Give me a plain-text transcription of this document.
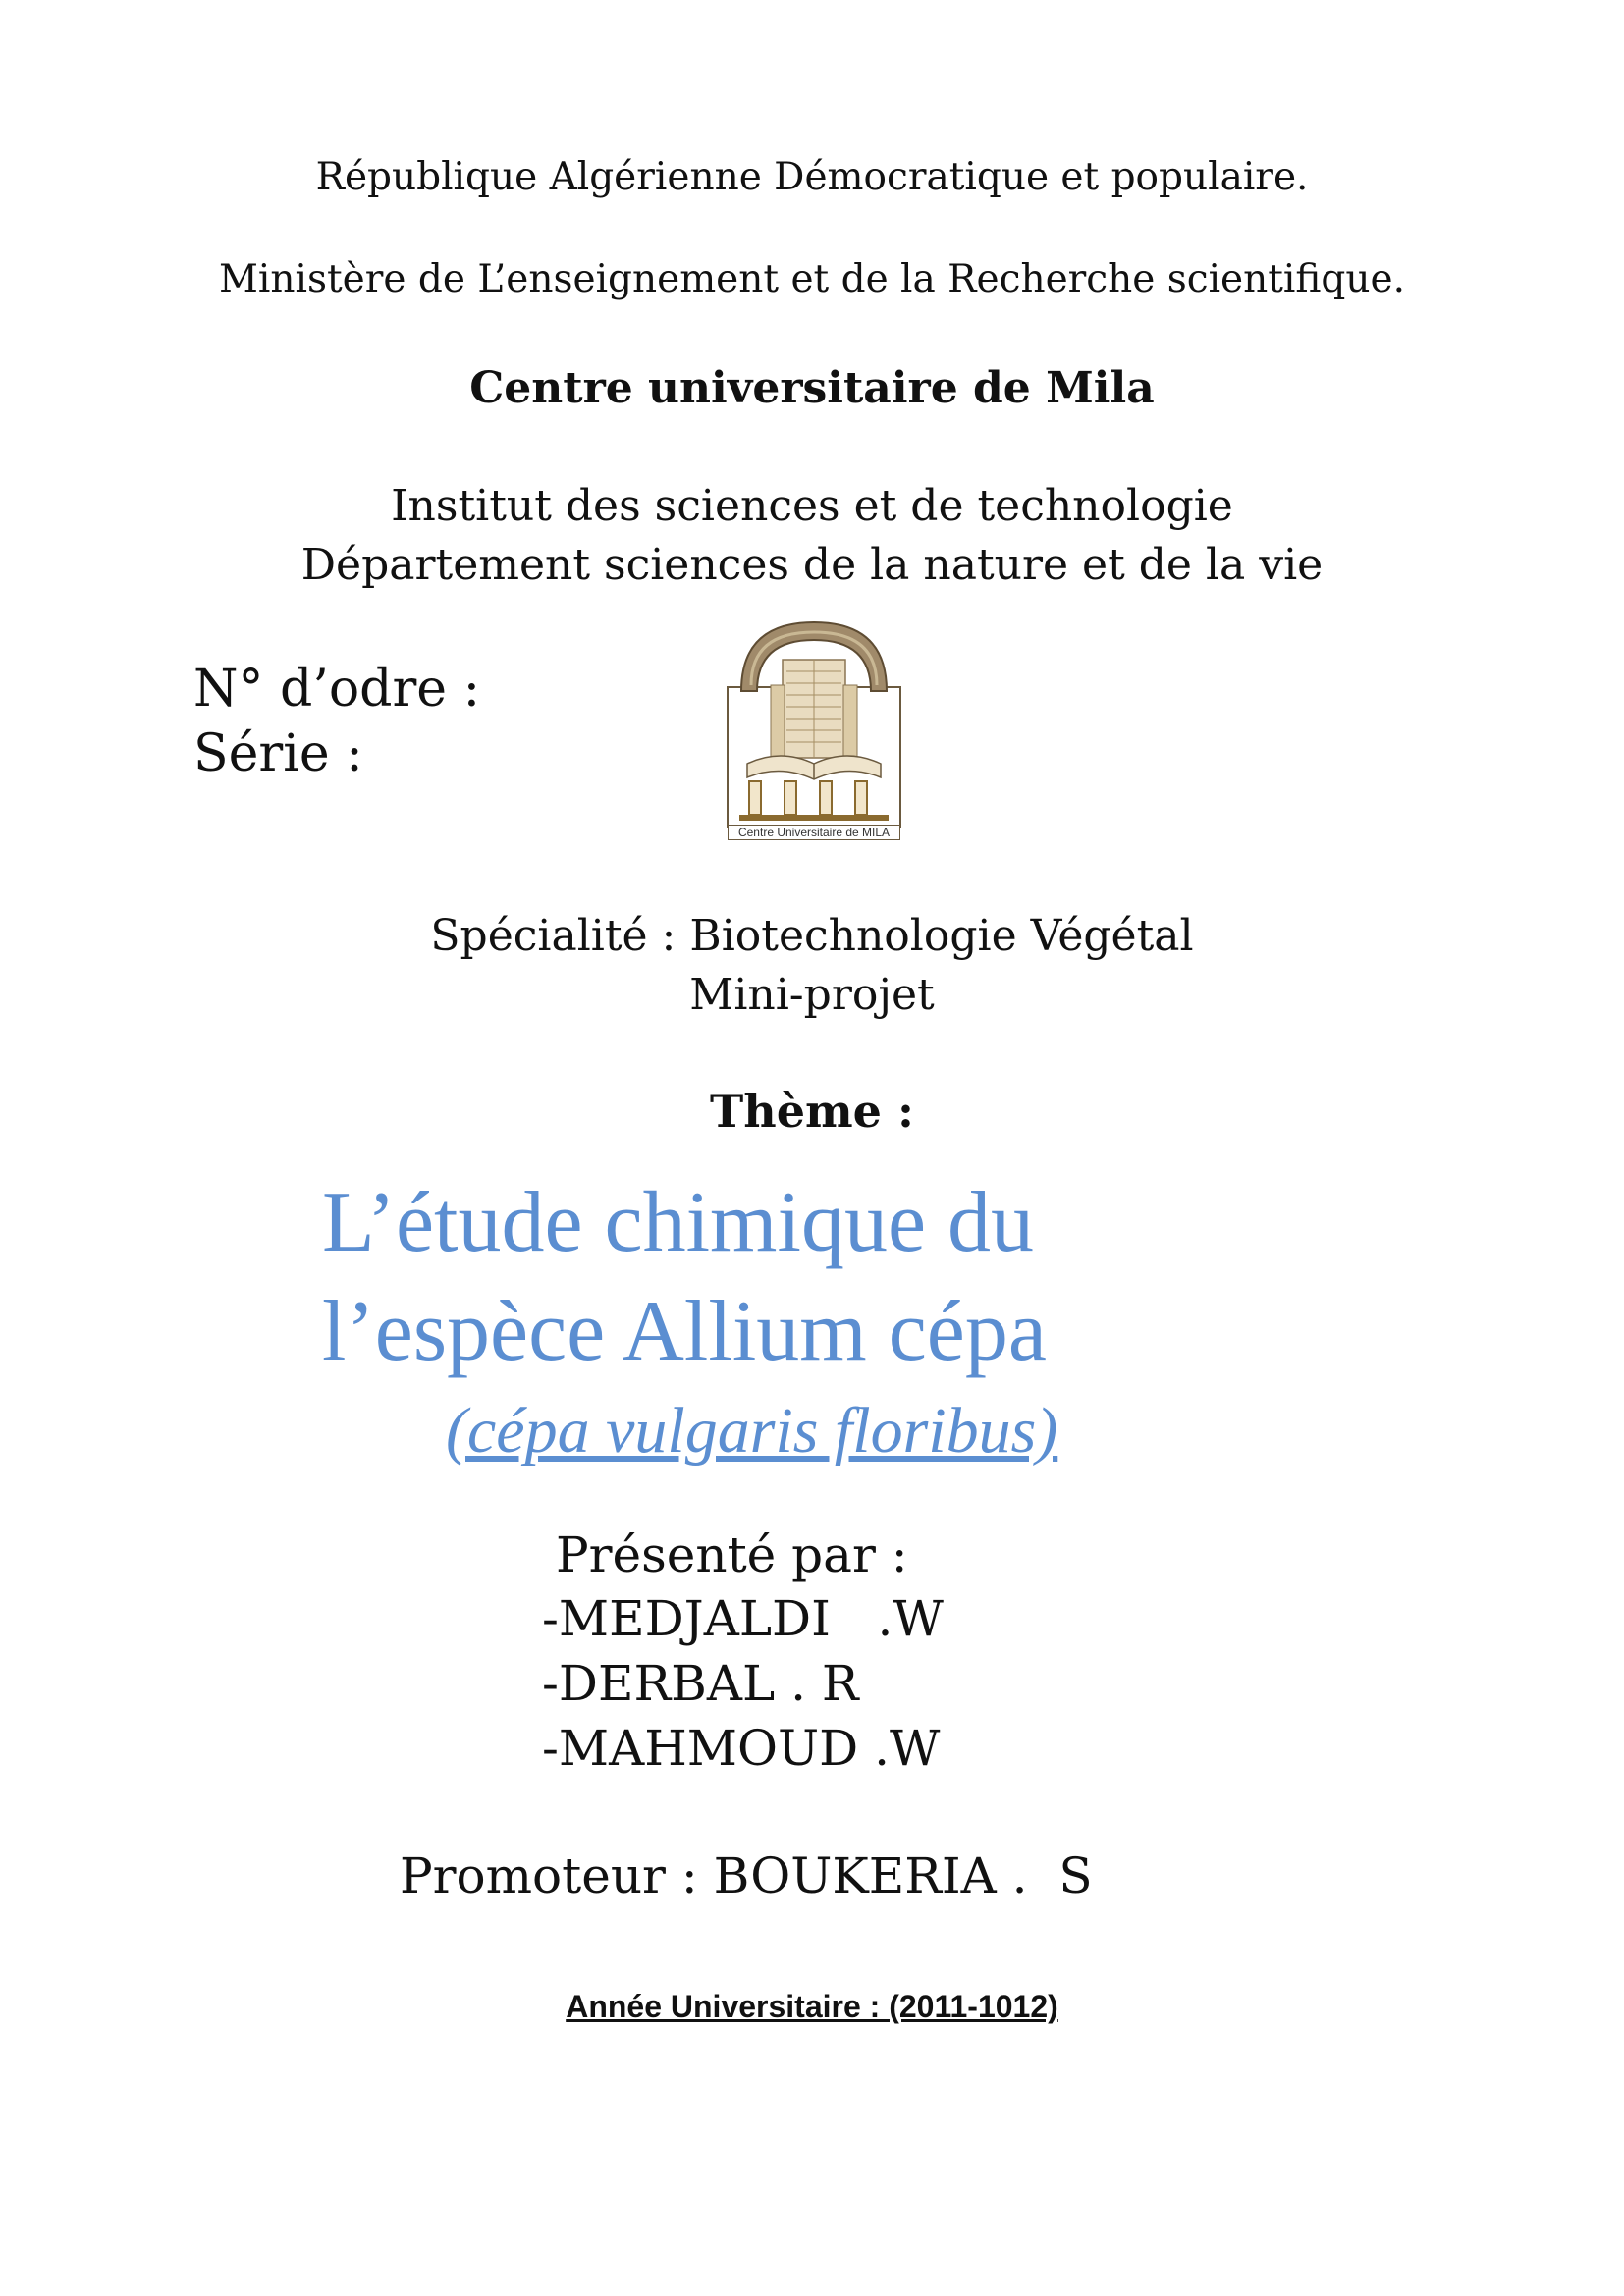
République Algérienne Démocratique et populaire.
Ministère de L’enseignement et de la Recherche scientifique.
Centre universitaire de Mila
Institut des sciences et de technologie
Département sciences de la nature et de la vie
N° d’odre :
Série :
Centre Universitaire de MILA
Spécialité : Biotechnologie Végétal
Mini-projet
Thème :
L’étude chimique du
l’espèce Allium cépa
(cépa vulgaris floribus)
Présenté par :
-MEDJALDI   .W
-DERBAL . R
-MAHMOUD .W
Promoteur : BOUKERIA .  S
Année Universitaire : (2011-1012)
